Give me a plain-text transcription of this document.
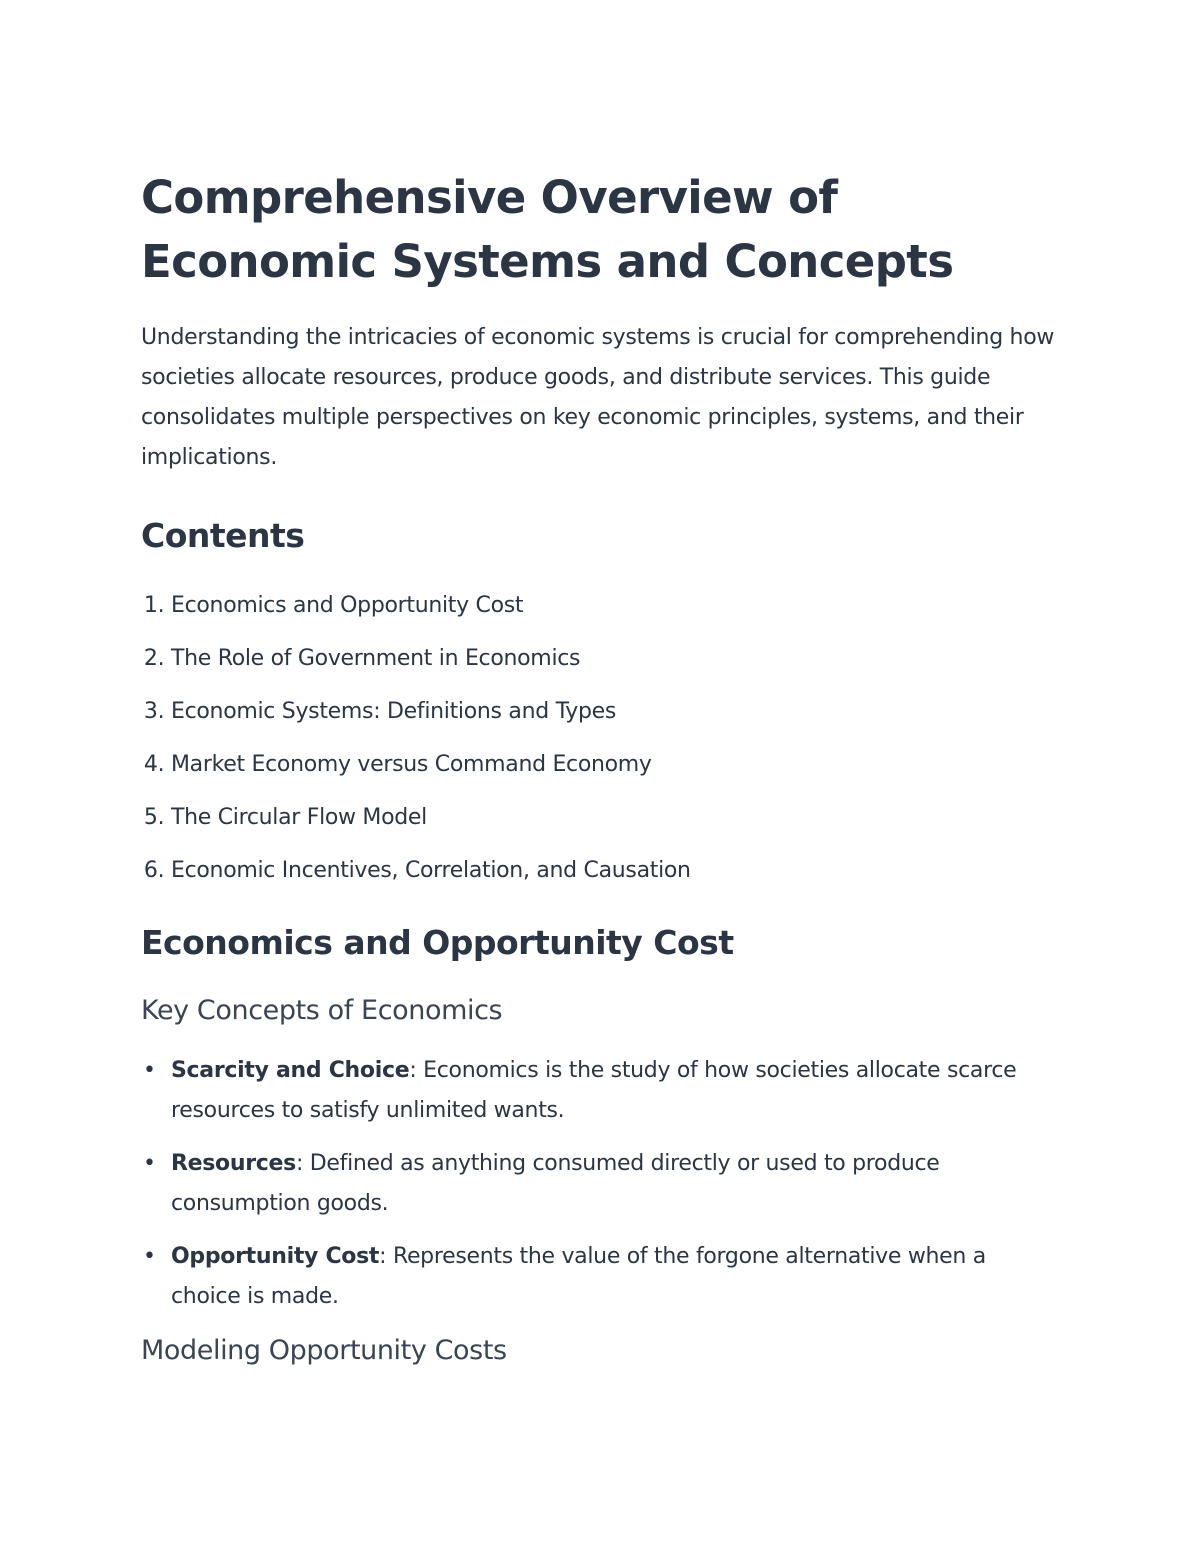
Comprehensive Overview of Economic Systems and Concepts

Understanding the intricacies of economic systems is crucial for comprehending how societies allocate resources, produce goods, and distribute services. This guide consolidates multiple perspectives on key economic principles, systems, and their implications.

Contents
1. Economics and Opportunity Cost
2. The Role of Government in Economics
3. Economic Systems: Definitions and Types
4. Market Economy versus Command Economy
5. The Circular Flow Model
6. Economic Incentives, Correlation, and Causation
Economics and Opportunity Cost
Key Concepts of Economics
• Scarcity and Choice: Economics is the study of how societies allocate scarce resources to satisfy unlimited wants.
• Resources: Defined as anything consumed directly or used to produce consumption goods.
• Opportunity Cost: Represents the value of the forgone alternative when a choice is made.
Modeling Opportunity Costs
